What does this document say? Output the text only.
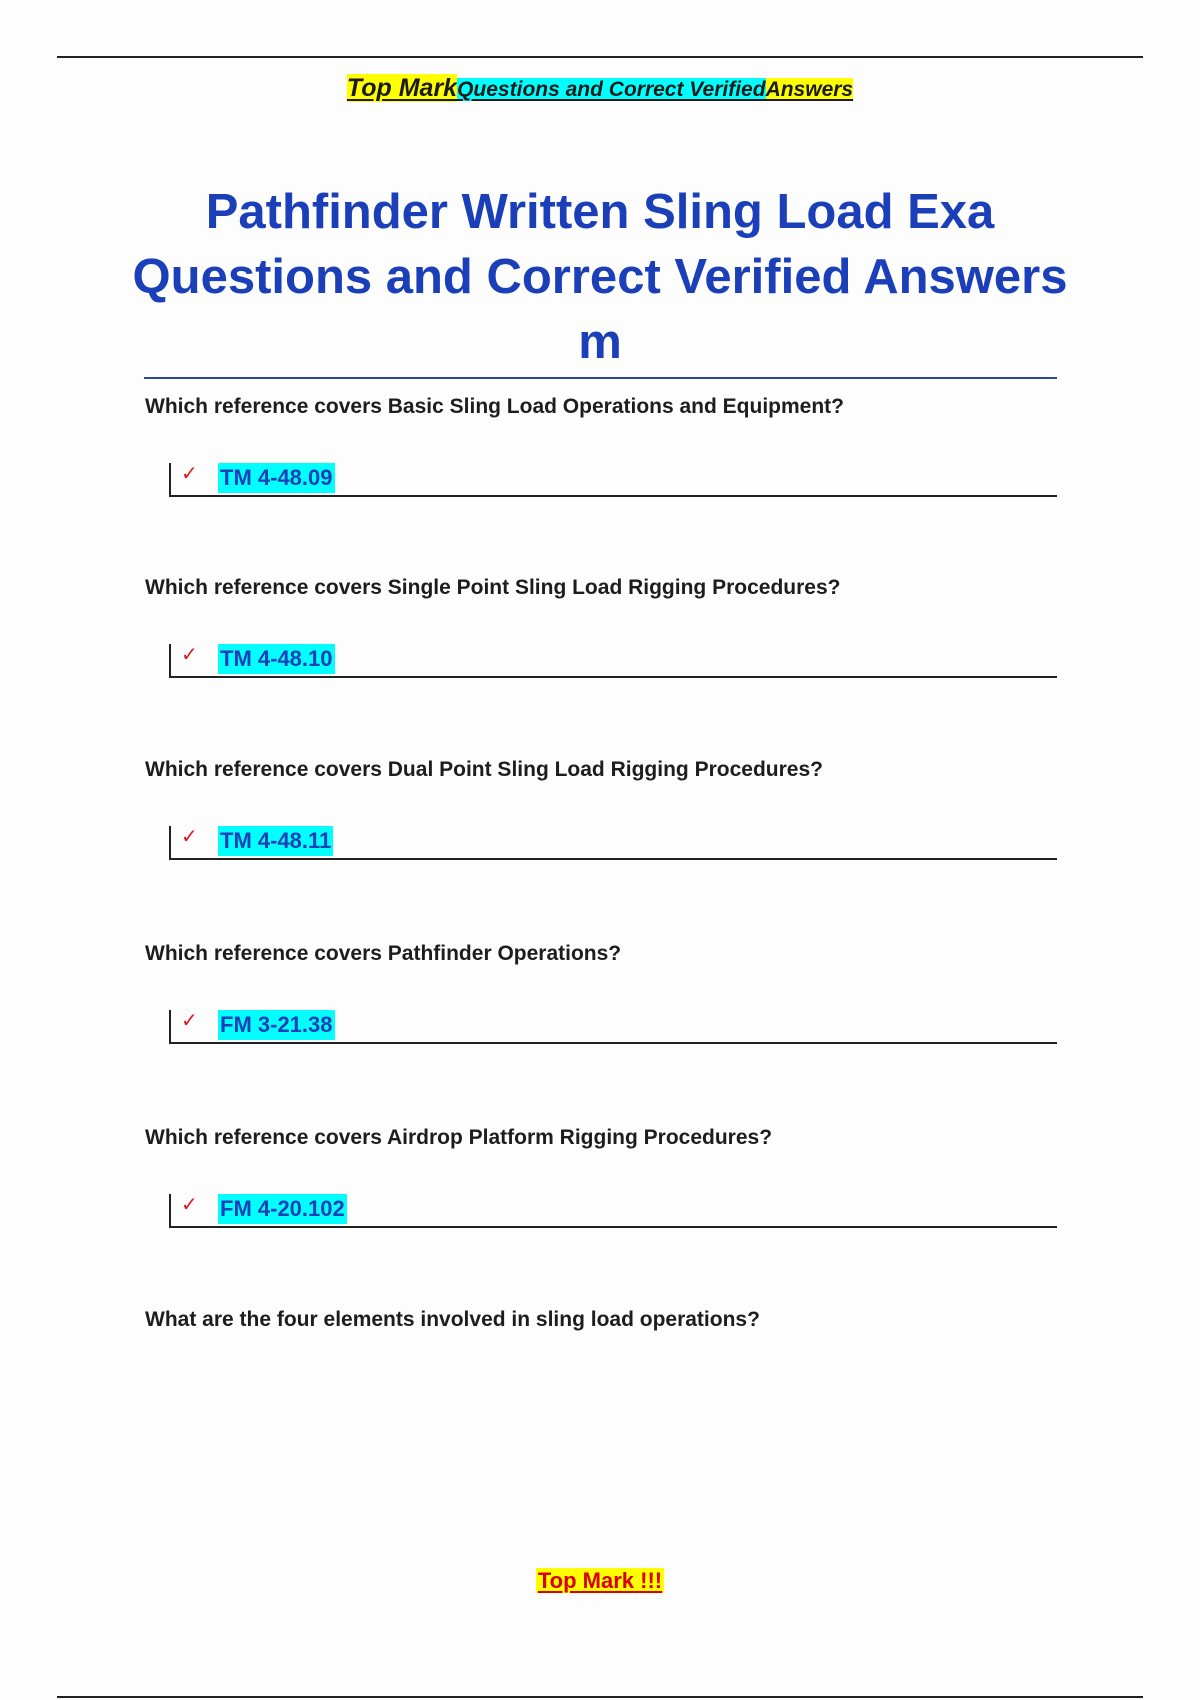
Top MarkQuestions and Correct VerifiedAnswers
Pathfinder Written Sling Load Exa
Questions and Correct Verified Answers
m
Which reference covers Basic Sling Load Operations and Equipment?
✓ TM 4-48.09
Which reference covers Single Point Sling Load Rigging Procedures?
✓ TM 4-48.10
Which reference covers Dual Point Sling Load Rigging Procedures?
✓ TM 4-48.11
Which reference covers Pathfinder Operations?
✓ FM 3-21.38
Which reference covers Airdrop Platform Rigging Procedures?
✓ FM 4-20.102
What are the four elements involved in sling load operations?
Top Mark !!!
